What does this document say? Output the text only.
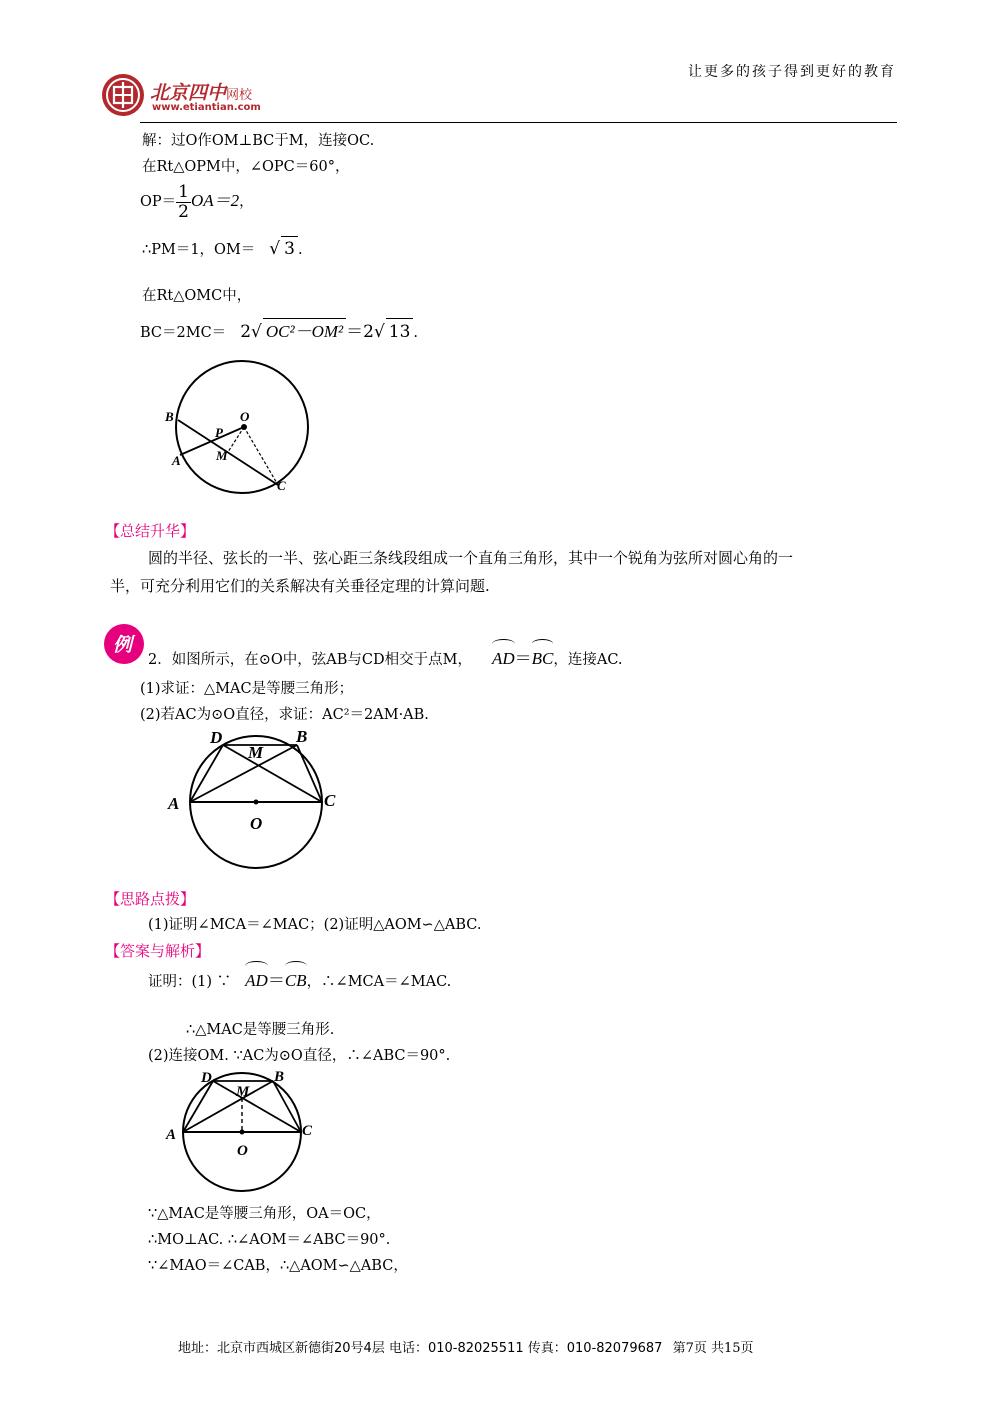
北京四中网校
www.etiantian.com
让更多的孩子得到更好的教育
解：过O作OM⊥BC于M，连接OC.
在Rt△OPM中，∠OPC＝60°，
$OP= \frac{1}{2} OA=2$，
∴PM＝1，OM＝ √ 3 .
在Rt△OMC中，
BC＝2MC＝ 2√ OC²－OM² ＝2√ 13 .
B	O
P
A	M
C
【总结升华】
圆的半径、弦长的一半、弦心距三条线段组成一个直角三角形，其中一个锐角为弦所对圆心角的一
半，可充分利用它们的关系解决有关垂径定理的计算问题.
例
2．如图所示，在⊙O中，弦AB与CD相交于点M， AD＝BC，连接AC.
(1)求证：△MAC是等腰三角形；
(2)若AC为⊙O直径，求证：AC²＝2AM·AB.
D
M
B
A	C
O
【思路点拨】
(1)证明∠MCA＝∠MAC；(2)证明△AOM∽△ABC.
【答案与解析】
证明：(1) ∵ AD＝CB，∴∠MCA＝∠MAC.
∴△MAC是等腰三角形.
(2)连接OM. ∵AC为⊙O直径，∴∠ABC＝90°.
D
M
B
A	C
O
∵△MAC是等腰三角形，OA＝OC，
∴MO⊥AC. ∴∠AOM＝∠ABC＝90°.
∵∠MAO＝∠CAB，∴△AOM∽△ABC，
地址：北京市西城区新德街20号4层 电话：010-82025511 传真：010-82079687 第7页 共15页
